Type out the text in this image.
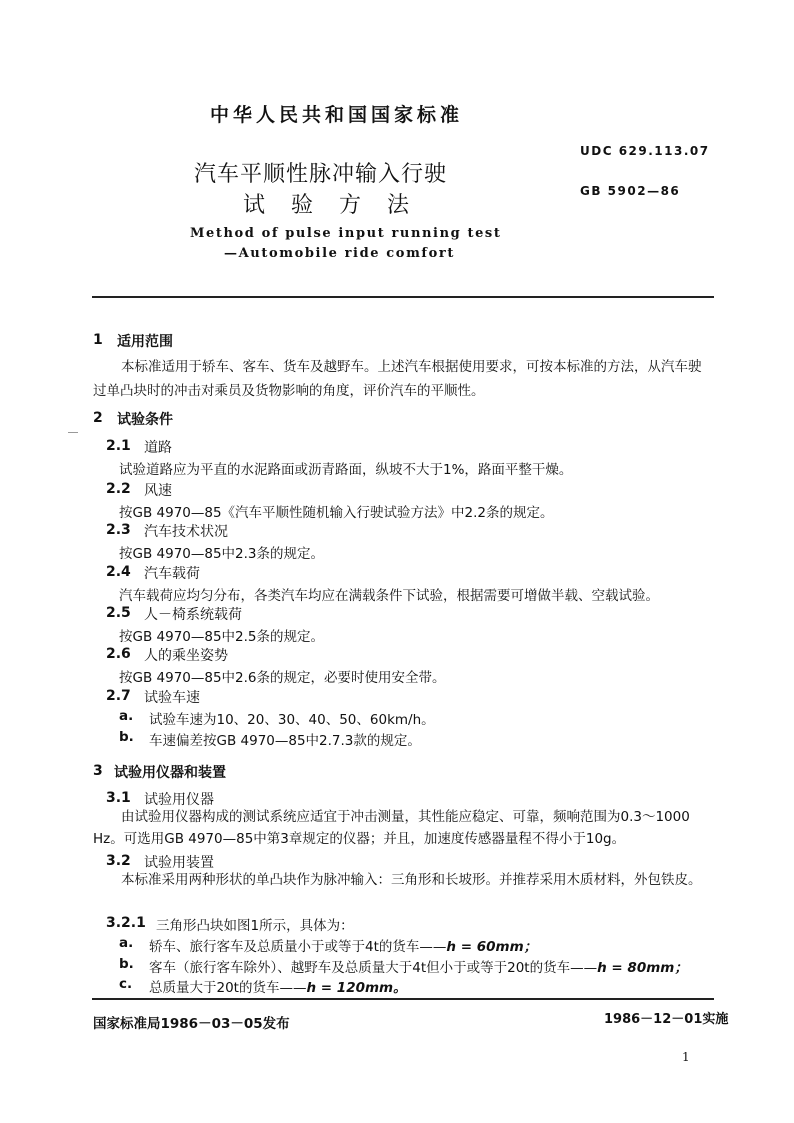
中华人民共和国国家标准
汽车平顺性脉冲输入行驶
试验方法
Method of pulse input running test
—Automobile ride comfort
UDC 629.113.07
GB 5902—86
1 适用范围
本标准适用于轿车、客车、货车及越野车。上述汽车根据使用要求，可按本标准的方法，从汽车驶过单凸块时的冲击对乘员及货物影响的角度，评价汽车的平顺性。
2 试验条件
2.1 道路
试验道路应为平直的水泥路面或沥青路面，纵坡不大于1%，路面平整干燥。
2.2 风速
按GB 4970—85《汽车平顺性随机输入行驶试验方法》中2.2条的规定。
2.3 汽车技术状况
按GB 4970—85中2.3条的规定。
2.4 汽车载荷
汽车载荷应均匀分布，各类汽车均应在满载条件下试验，根据需要可增做半载、空载试验。
2.5 人－椅系统载荷
按GB 4970—85中2.5条的规定。
2.6 人的乘坐姿势
按GB 4970—85中2.6条的规定，必要时使用安全带。
2.7 试验车速
a. 试验车速为10、20、30、40、50、60km/h。
b. 车速偏差按GB 4970—85中2.7.3款的规定。
3 试验用仪器和装置
3.1 试验用仪器
由试验用仪器构成的测试系统应适宜于冲击测量，其性能应稳定、可靠，频响范围为0.3～1000 Hz。可选用GB 4970—85中第3章规定的仪器；并且，加速度传感器量程不得小于10g。
3.2 试验用装置
本标准采用两种形状的单凸块作为脉冲输入：三角形和长坡形。并推荐采用木质材料，外包铁皮。
3.2.1 三角形凸块如图1所示，具体为：
a. 轿车、旅行客车及总质量小于或等于4t的货车——h = 60mm；
b. 客车（旅行客车除外）、越野车及总质量大于4t但小于或等于20t的货车——h = 80mm；
c. 总质量大于20t的货车——h = 120mm。
国家标准局1986－03－05发布	1986－12－01实施
1
